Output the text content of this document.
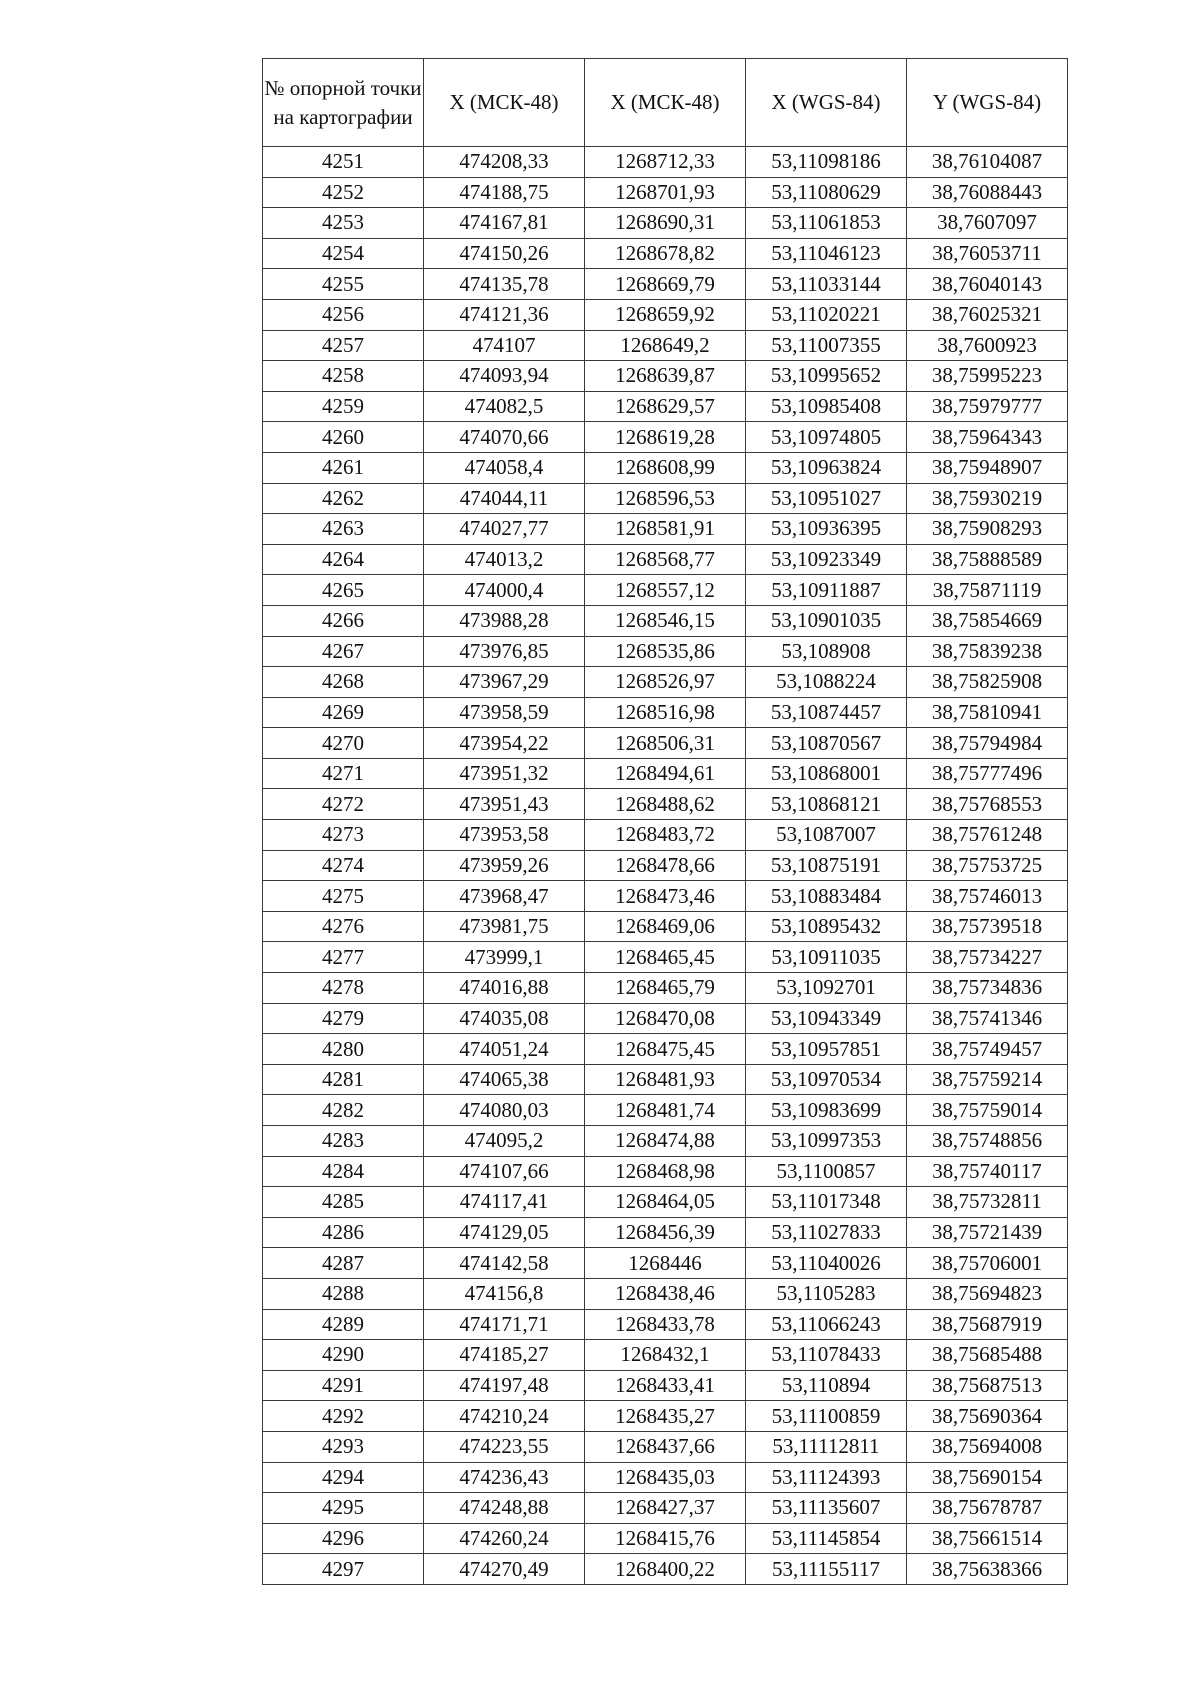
№ опорной точки на картографии	X (МСК-48)	X (МСК-48)	X (WGS-84)	Y (WGS-84)
4251	474208,33	1268712,33	53,11098186	38,76104087
4252	474188,75	1268701,93	53,11080629	38,76088443
4253	474167,81	1268690,31	53,11061853	38,7607097
4254	474150,26	1268678,82	53,11046123	38,76053711
4255	474135,78	1268669,79	53,11033144	38,76040143
4256	474121,36	1268659,92	53,11020221	38,76025321
4257	474107	1268649,2	53,11007355	38,7600923
4258	474093,94	1268639,87	53,10995652	38,75995223
4259	474082,5	1268629,57	53,10985408	38,75979777
4260	474070,66	1268619,28	53,10974805	38,75964343
4261	474058,4	1268608,99	53,10963824	38,75948907
4262	474044,11	1268596,53	53,10951027	38,75930219
4263	474027,77	1268581,91	53,10936395	38,75908293
4264	474013,2	1268568,77	53,10923349	38,75888589
4265	474000,4	1268557,12	53,10911887	38,75871119
4266	473988,28	1268546,15	53,10901035	38,75854669
4267	473976,85	1268535,86	53,108908	38,75839238
4268	473967,29	1268526,97	53,1088224	38,75825908
4269	473958,59	1268516,98	53,10874457	38,75810941
4270	473954,22	1268506,31	53,10870567	38,75794984
4271	473951,32	1268494,61	53,10868001	38,75777496
4272	473951,43	1268488,62	53,10868121	38,75768553
4273	473953,58	1268483,72	53,1087007	38,75761248
4274	473959,26	1268478,66	53,10875191	38,75753725
4275	473968,47	1268473,46	53,10883484	38,75746013
4276	473981,75	1268469,06	53,10895432	38,75739518
4277	473999,1	1268465,45	53,10911035	38,75734227
4278	474016,88	1268465,79	53,1092701	38,75734836
4279	474035,08	1268470,08	53,10943349	38,75741346
4280	474051,24	1268475,45	53,10957851	38,75749457
4281	474065,38	1268481,93	53,10970534	38,75759214
4282	474080,03	1268481,74	53,10983699	38,75759014
4283	474095,2	1268474,88	53,10997353	38,75748856
4284	474107,66	1268468,98	53,1100857	38,75740117
4285	474117,41	1268464,05	53,11017348	38,75732811
4286	474129,05	1268456,39	53,11027833	38,75721439
4287	474142,58	1268446	53,11040026	38,75706001
4288	474156,8	1268438,46	53,1105283	38,75694823
4289	474171,71	1268433,78	53,11066243	38,75687919
4290	474185,27	1268432,1	53,11078433	38,75685488
4291	474197,48	1268433,41	53,110894	38,75687513
4292	474210,24	1268435,27	53,11100859	38,75690364
4293	474223,55	1268437,66	53,11112811	38,75694008
4294	474236,43	1268435,03	53,11124393	38,75690154
4295	474248,88	1268427,37	53,11135607	38,75678787
4296	474260,24	1268415,76	53,11145854	38,75661514
4297	474270,49	1268400,22	53,11155117	38,75638366
